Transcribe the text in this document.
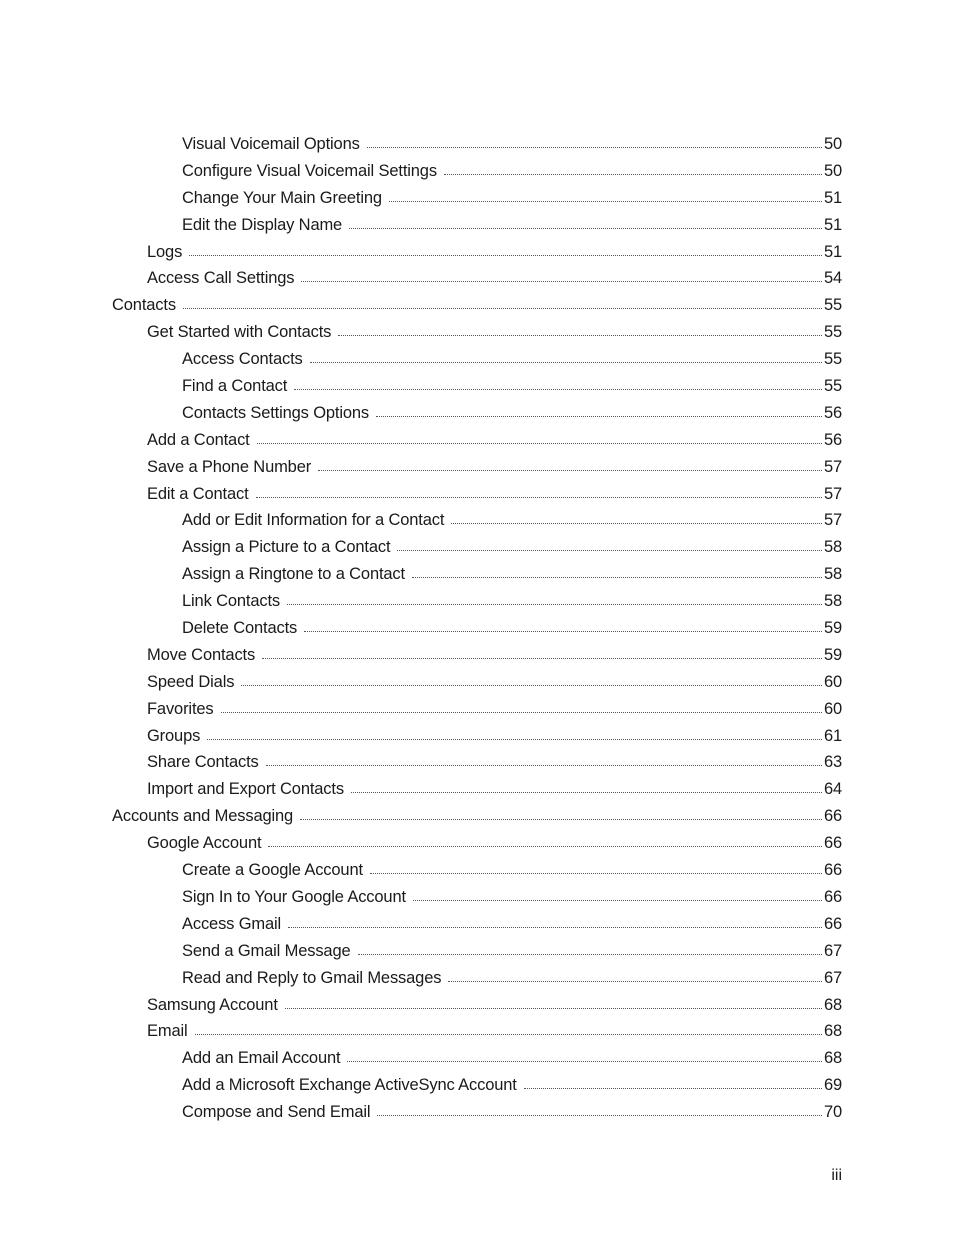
Visual Voicemail Options	50
Configure Visual Voicemail Settings	50
Change Your Main Greeting	51
Edit the Display Name	51
Logs	51
Access Call Settings	54
Contacts	55
Get Started with Contacts	55
Access Contacts	55
Find a Contact	55
Contacts Settings Options	56
Add a Contact	56
Save a Phone Number	57
Edit a Contact	57
Add or Edit Information for a Contact	57
Assign a Picture to a Contact	58
Assign a Ringtone to a Contact	58
Link Contacts	58
Delete Contacts	59
Move Contacts	59
Speed Dials	60
Favorites	60
Groups	61
Share Contacts	63
Import and Export Contacts	64
Accounts and Messaging	66
Google Account	66
Create a Google Account	66
Sign In to Your Google Account	66
Access Gmail	66
Send a Gmail Message	67
Read and Reply to Gmail Messages	67
Samsung Account	68
Email	68
Add an Email Account	68
Add a Microsoft Exchange ActiveSync Account	69
Compose and Send Email	70
iii
